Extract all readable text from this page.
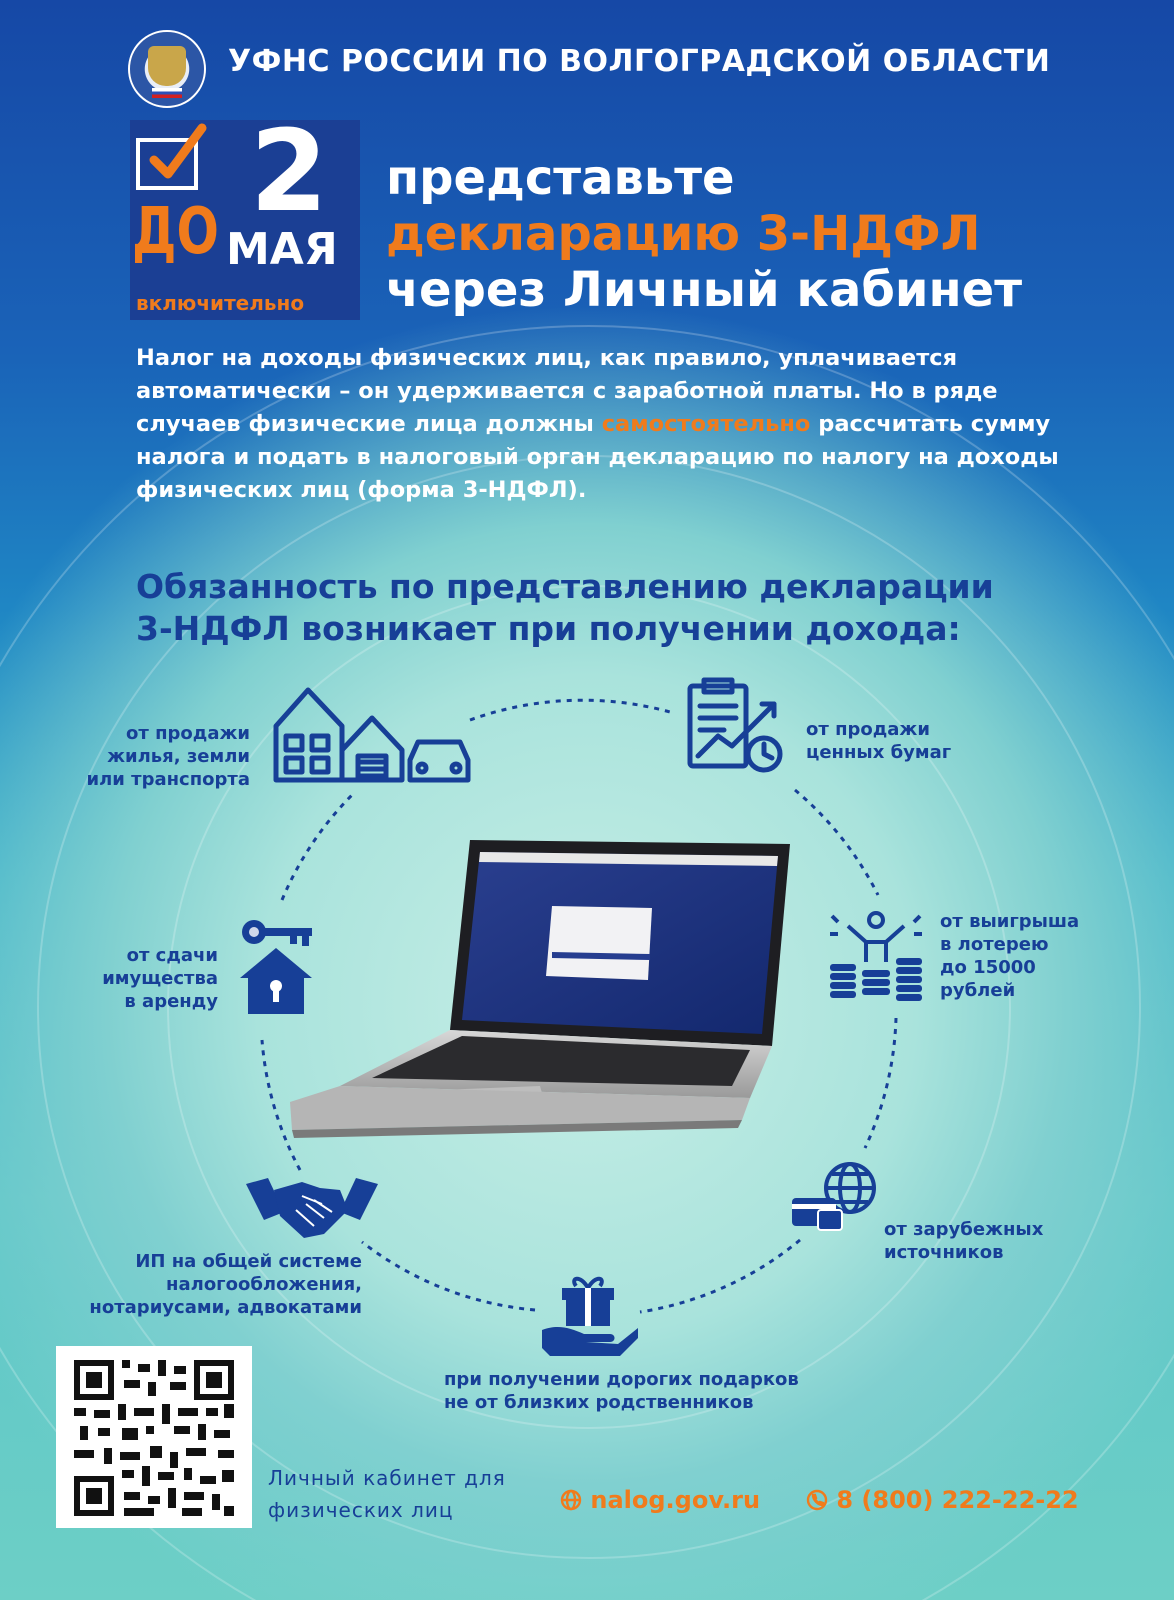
УФНС РОССИИ ПО ВОЛГОГРАДСКОЙ ОБЛАСТИ
2
ДО МАЯ
включительно
представьте
декларацию 3-НДФЛ
через Личный кабинет
Налог на доходы физических лиц, как правило, уплачивается автоматически – он удерживается с заработной платы. Но в ряде случаев физические лица должны самостоятельно рассчитать сумму налога и подать в налоговый орган декларацию по налогу на доходы физических лиц (форма 3-НДФЛ).
Обязанность по представлению декларации
3-НДФЛ возникает при получении дохода:
от продажи
жилья, земли
или транспорта
от продажи
ценных бумаг
от сдачи
имущества
в аренду
от выигрыша
в лотерею
до 15000
рублей
ИП на общей системе
налогообложения,
нотариусами, адвокатами
от зарубежных
источников
при получении дорогих подарков
не от близких родственников
Личный кабинет для
физических лиц	nalog.gov.ru	8 (800) 222-22-22
